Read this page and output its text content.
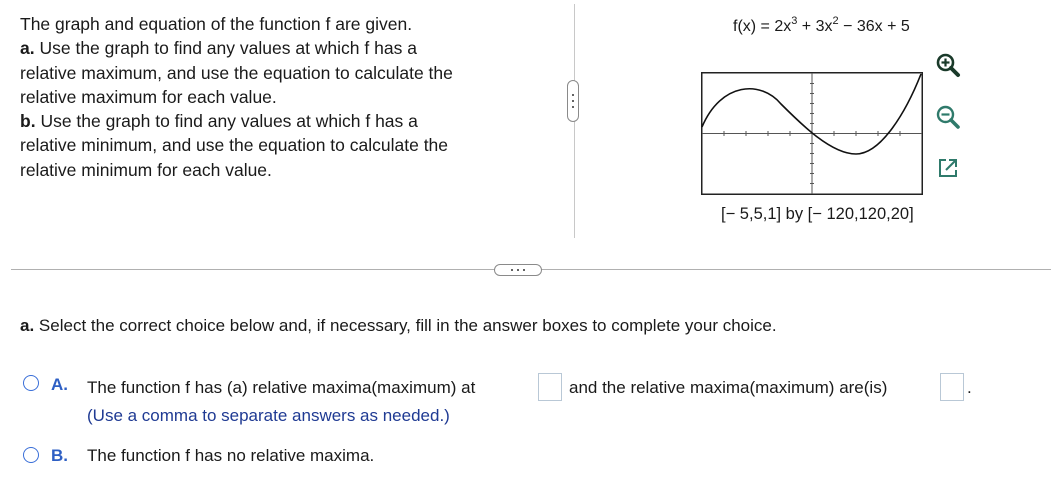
The graph and equation of the function f are given.
a. Use the graph to find any values at which f has a
relative maximum, and use the equation to calculate the
relative maximum for each value.
b. Use the graph to find any values at which f has a
relative minimum, and use the equation to calculate the
relative minimum for each value.
$f(x) = 2x^3 + 3x^2 - 36x + 5$
[− 5,5,1] by [− 120,120,20]
a. Select the correct choice below and, if necessary, fill in the answer boxes to complete your choice.
A. The function f has (a) relative maxima(maximum) at	and the relative maxima(maximum) are(is)	.
(Use a comma to separate answers as needed.)
B. The function f has no relative maxima.
